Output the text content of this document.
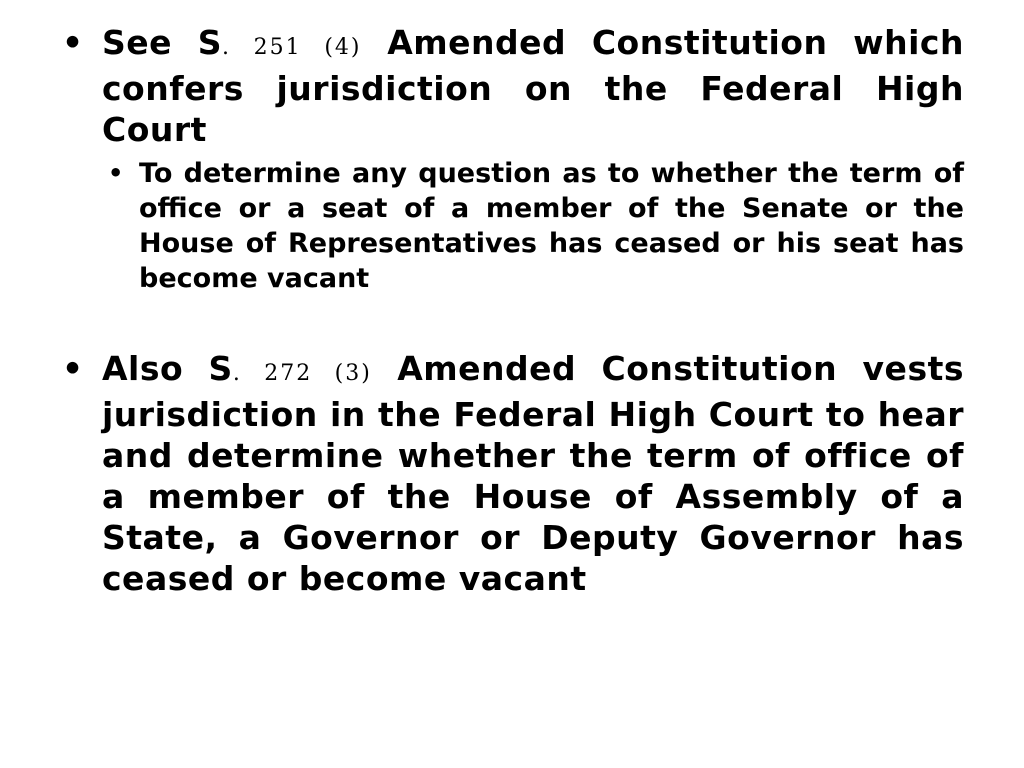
• See S. 251 (4) Amended Constitution which confers jurisdiction on the Federal High Court
• To determine any question as to whether the term of office or a seat of a member of the Senate or the House of Representatives has ceased or his seat has become vacant
• Also S. 272 (3) Amended Constitution vests jurisdiction in the Federal High Court to hear and determine whether the term of office of a member of the House of Assembly of a State, a Governor or Deputy Governor has ceased or become vacant
